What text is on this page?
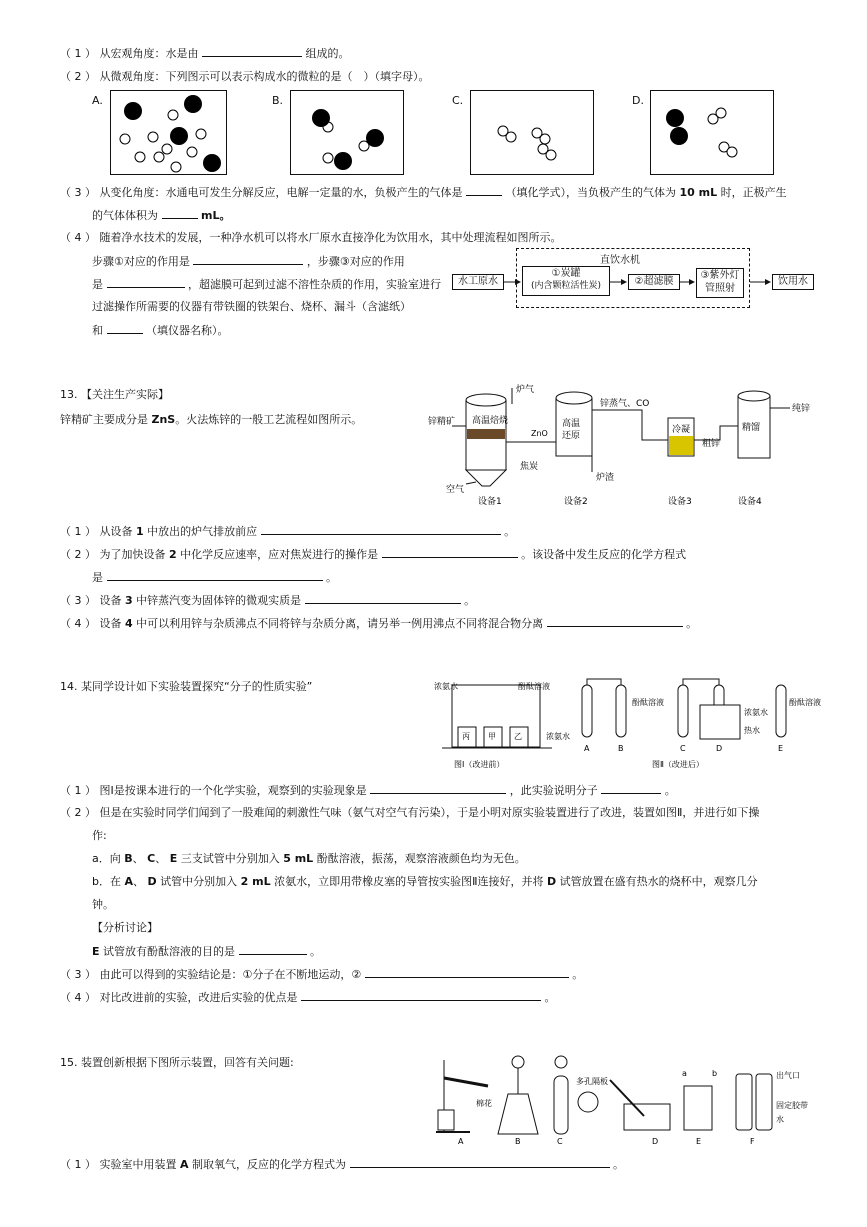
（ 1 ） 从宏观角度：水是由	组成的。
（ 2 ） 从微观角度：下列图示可以表示构成水的微粒的是（　）（填字母）。
A.	B.	C.	D.
（ 3 ） 从变化角度：水通电可发生分解反应，电解一定量的水，负极产生的气体是	（填化学式），当负极产生的气体为 10 mL 时，正极产生
的气体体积为	mL。
（ 4 ） 随着净水技术的发展，一种净水机可以将水厂原水直接净化为饮用水，其中处理流程如图所示。
步骤①对应的作用是	，步骤③对应的作用
是	，超滤膜可起到过滤不溶性杂质的作用，实验室进行
过滤操作所需要的仪器有带铁圈的铁架台、烧杯、漏斗（含滤纸）
和	（填仪器名称）。
水工原水
直饮水机
①炭罐
(内含颗粒活性炭)	②超滤膜
③紫外灯
管照射
饮用水
13. 【关注生产实际】
锌精矿主要成分是 ZnS。火法炼锌的一般工艺流程如图所示。	高温焙烧
锌精矿
炉气
空气
ZnO
焦炭
设备1
高温
还原
炉渣
设备2
锌蒸气、CO
冷凝
粗锌
设备3
精馏
纯锌
设备4
（ 1 ） 从设备 1 中放出的炉气排放前应	。
（ 2 ） 为了加快设备 2 中化学反应速率，应对焦炭进行的操作是	。该设备中发生反应的化学方程式
是	。
（ 3 ） 设备 3 中锌蒸汽变为固体锌的微观实质是	。
（ 4 ） 设备 4 中可以利用锌与杂质沸点不同将锌与杂质分离，请另举一例用沸点不同将混合物分离	。
14. 某同学设计如下实验装置探究“分子的性质实验”	浓氨水	酚酞溶液
丙 甲 乙
图Ⅰ（改进前）
浓氨水
酚酞溶液
A	B
浓氨水
热水
C	D
酚酞溶液
E
图Ⅱ（改进后）
（ 1 ） 图Ⅰ是按课本进行的一个化学实验，观察到的实验现象是	，此实验说明分子	。
（ 2 ） 但是在实验时同学们闻到了一股难闻的刺激性气味（氨气对空气有污染），于是小明对原实验装置进行了改进，装置如图Ⅱ，并进行如下操
作:
a．向 B、 C、 E 三支试管中分别加入 5 mL 酚酞溶液，振荡，观察溶液颜色均为无色。
b．在 A、 D 试管中分别加入 2 mL 浓氨水，立即用带橡皮塞的导管按实验图Ⅱ连接好，并将 D 试管放置在盛有热水的烧杯中，观察几分
钟。
【分析讨论】
E 试管放有酚酞溶液的目的是	。
（ 3 ） 由此可以得到的实验结论是：①分子在不断地运动，②	。
（ 4 ） 对比改进前的实验，改进后实验的优点是	。
15. 装置创新根据下图所示装置，回答有关问题:
棉花
A	B
多孔隔板
C	D
a	b
E
出气口
固定胶带
水
F
（ 1 ） 实验室中用装置 A 制取氧气，反应的化学方程式为	。
